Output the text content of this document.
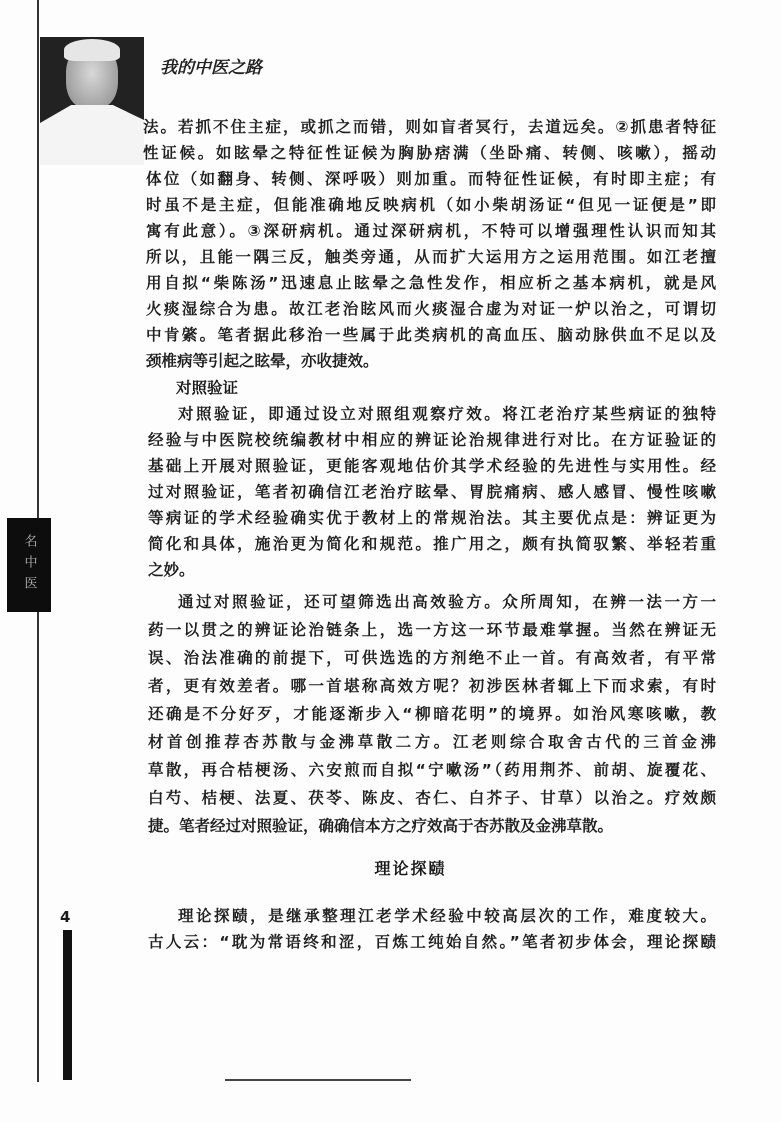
名中医
我的中医之路
法。若抓不住主症，或抓之而错，则如盲者冥行，去道远矣。②抓患者特征
性证候。如眩晕之特征性证候为胸胁痞满（坐卧痛、转侧、咳嗽），摇动
体位（如翻身、转侧、深呼吸）则加重。而特征性证候，有时即主症；有
时虽不是主症，但能准确地反映病机（如小柴胡汤证“但见一证便是”即
寓有此意）。③深研病机。通过深研病机，不特可以增强理性认识而知其
所以，且能一隅三反，触类旁通，从而扩大运用方之运用范围。如江老擅
用自拟“柴陈汤”迅速息止眩晕之急性发作，相应析之基本病机，就是风
火痰湿综合为患。故江老治眩风而火痰湿合虚为对证一炉以治之，可谓切
中肯綮。笔者据此移治一些属于此类病机的高血压、脑动脉供血不足以及
颈椎病等引起之眩晕，亦收捷效。
对照验证
对照验证，即通过设立对照组观察疗效。将江老治疗某些病证的独特
经验与中医院校统编教材中相应的辨证论治规律进行对比。在方证验证的
基础上开展对照验证，更能客观地估价其学术经验的先进性与实用性。经
过对照验证，笔者初确信江老治疗眩晕、胃脘痛病、感人感冒、慢性咳嗽
等病证的学术经验确实优于教材上的常规治法。其主要优点是：辨证更为
简化和具体，施治更为简化和规范。推广用之，颇有执简驭繁、举轻若重
之妙。
通过对照验证，还可望筛选出高效验方。众所周知，在辨一法一方一
药一以贯之的辨证论治链条上，选一方这一环节最难掌握。当然在辨证无
误、治法准确的前提下，可供选选的方剂绝不止一首。有高效者，有平常
者，更有效差者。哪一首堪称高效方呢？初涉医林者辄上下而求索，有时
还确是不分好歹，才能逐渐步入“柳暗花明”的境界。如治风寒咳嗽，教
材首创推荐杏苏散与金沸草散二方。江老则综合取舍古代的三首金沸
草散，再合桔梗汤、六安煎而自拟“宁嗽汤”（药用荆芥、前胡、旋覆花、
白芍、桔梗、法夏、茯苓、陈皮、杏仁、白芥子、甘草）以治之。疗效颇
捷。笔者经过对照验证，确确信本方之疗效高于杏苏散及金沸草散。
理论探赜
理论探赜，是继承整理江老学术经验中较高层次的工作，难度较大。
古人云：“耽为常语终和涩，百炼工纯始自然。”笔者初步体会，理论探赜
4
